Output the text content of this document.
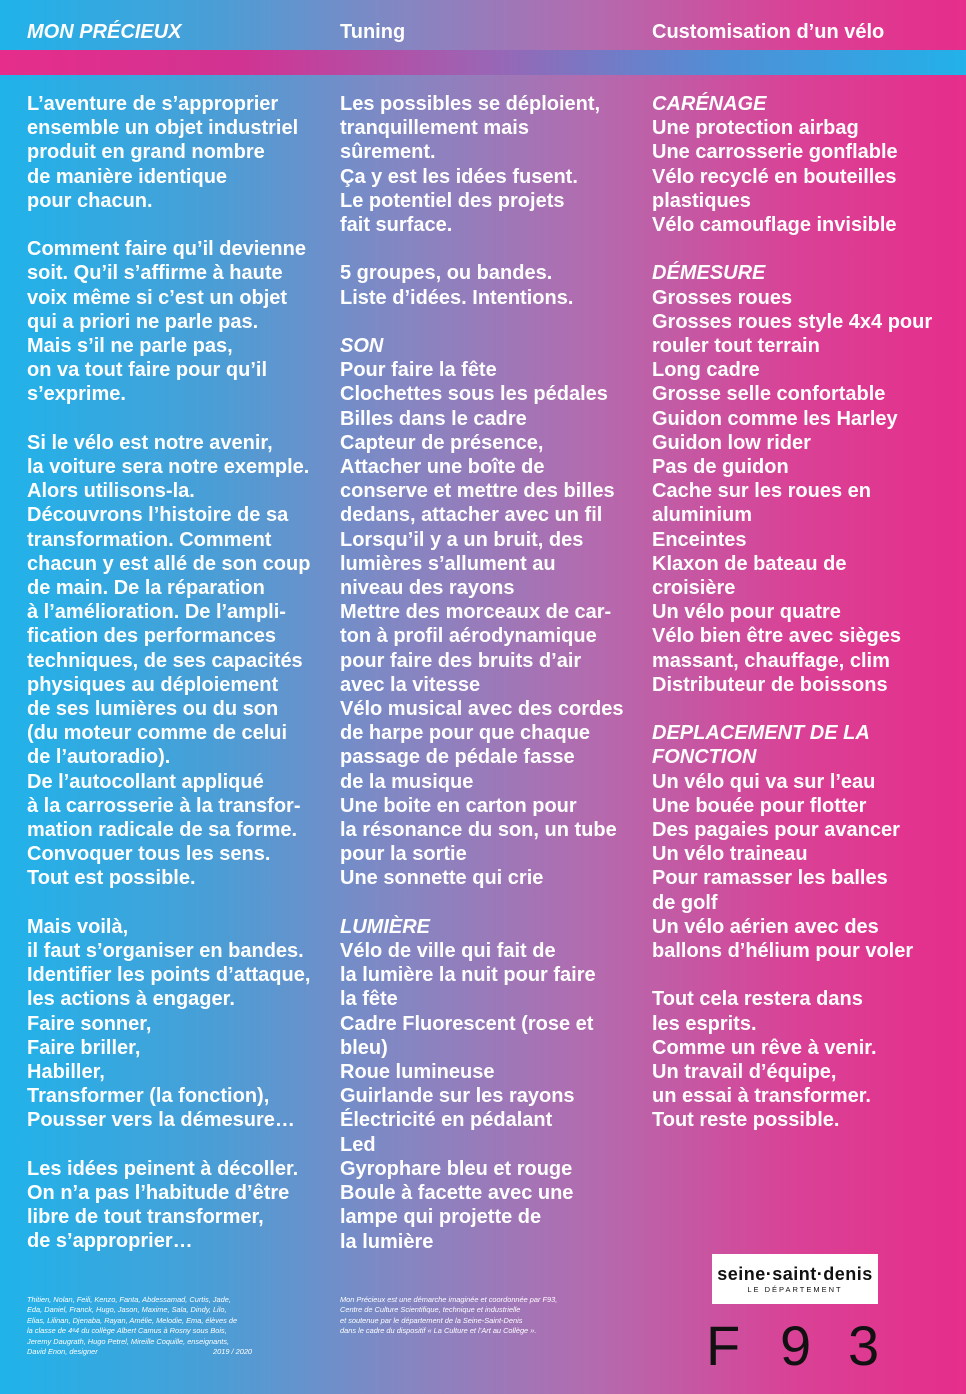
MON PRÉCIEUX	Tuning	Customisation d’un vélo

L’aventure de s’approprier
ensemble un objet industriel
produit en grand nombre
de manière identique
pour chacun.

Comment faire qu’il devienne
soit. Qu’il s’affirme à haute
voix même si c’est un objet
qui a priori ne parle pas.
Mais s’il ne parle pas,
on va tout faire pour qu’il
s’exprime.

Si le vélo est notre avenir,
la voiture sera notre exemple.
Alors utilisons-la.
Découvrons l’histoire de sa
transformation. Comment
chacun y est allé de son coup
de main. De la réparation
à l’amélioration. De l’ampli-
fication des performances
techniques, de ses capacités
physiques au déploiement
de ses lumières ou du son
(du moteur comme de celui
de l’autoradio).
De l’autocollant appliqué
à la carrosserie à la transfor-
mation radicale de sa forme.
Convoquer tous les sens.
Tout est possible.

Mais voilà,
il faut s’organiser en bandes.
Identifier les points d’attaque,
les actions à engager.
Faire sonner,
Faire briller,
Habiller,
Transformer (la fonction),
Pousser vers la démesure…

Les idées peinent à décoller.
On n’a pas l’habitude d’être
libre de tout transformer,
de s’approprier…

Les possibles se déploient,
tranquillement mais
sûrement.
Ça y est les idées fusent.
Le potentiel des projets
fait surface.

5 groupes, ou bandes.
Liste d’idées. Intentions.

SON
Pour faire la fête
Clochettes sous les pédales
Billes dans le cadre
Capteur de présence,
Attacher une boîte de
conserve et mettre des billes
dedans, attacher avec un fil
Lorsqu’il y a un bruit, des
lumières s’allument au
niveau des rayons
Mettre des morceaux de car-
ton à profil aérodynamique
pour faire des bruits d’air
avec la vitesse
Vélo musical avec des cordes
de harpe pour que chaque
passage de pédale fasse
de la musique
Une boite en carton pour
la résonance du son, un tube
pour la sortie
Une sonnette qui crie

LUMIÈRE
Vélo de ville qui fait de
la lumière la nuit pour faire
la fête
Cadre Fluorescent (rose et
bleu)
Roue lumineuse
Guirlande sur les rayons
Électricité en pédalant
Led
Gyrophare bleu et rouge
Boule à facette avec une
lampe qui projette de
la lumière

CARÉNAGE
Une protection airbag
Une carrosserie gonflable
Vélo recyclé en bouteilles
plastiques
Vélo camouflage invisible

DÉMESURE
Grosses roues
Grosses roues style 4x4 pour
rouler tout terrain
Long cadre
Grosse selle confortable
Guidon comme les Harley
Guidon low rider
Pas de guidon
Cache sur les roues en
aluminium
Enceintes
Klaxon de bateau de
croisière
Un vélo pour quatre
Vélo bien être avec sièges
massant, chauffage, clim
Distributeur de boissons

DEPLACEMENT DE LA
FONCTION
Un vélo qui va sur l’eau
Une bouée pour flotter
Des pagaies pour avancer
Un vélo traineau
Pour ramasser les balles
de golf
Un vélo aérien avec des
ballons d’hélium pour voler

Tout cela restera dans
les esprits.
Comme un rêve à venir.
Un travail d’équipe,
un essai à transformer.
Tout reste possible.

Thitien, Nolan, Feili, Kenzo, Fanta, Abdessamad, Curtis, Jade,
Eda, Daniel, Franck, Hugo, Jason, Maxime, Sala, Dindy, Lilo,
Elias, Lilinan, Djenaba, Rayan, Amélie, Melodie, Ema, élèves de
la classe de 4ᵉ4 du collège Albert Camus à Rosny sous Bois,
Jeremy Daugrath, Hugo Petrel, Mireille Coquille, enseignants,
David Enon, designer	2019 / 2020
Mon Précieux est une démarche imaginée et coordonnée par F93,
Centre de Culture Scientifique, technique et industrielle
et soutenue par le département de la Seine-Saint-Denis
dans le cadre du dispositif « La Culture et l’Art au Collège ».
seine·saint·denis
LE DÉPARTEMENT
F 9 3
